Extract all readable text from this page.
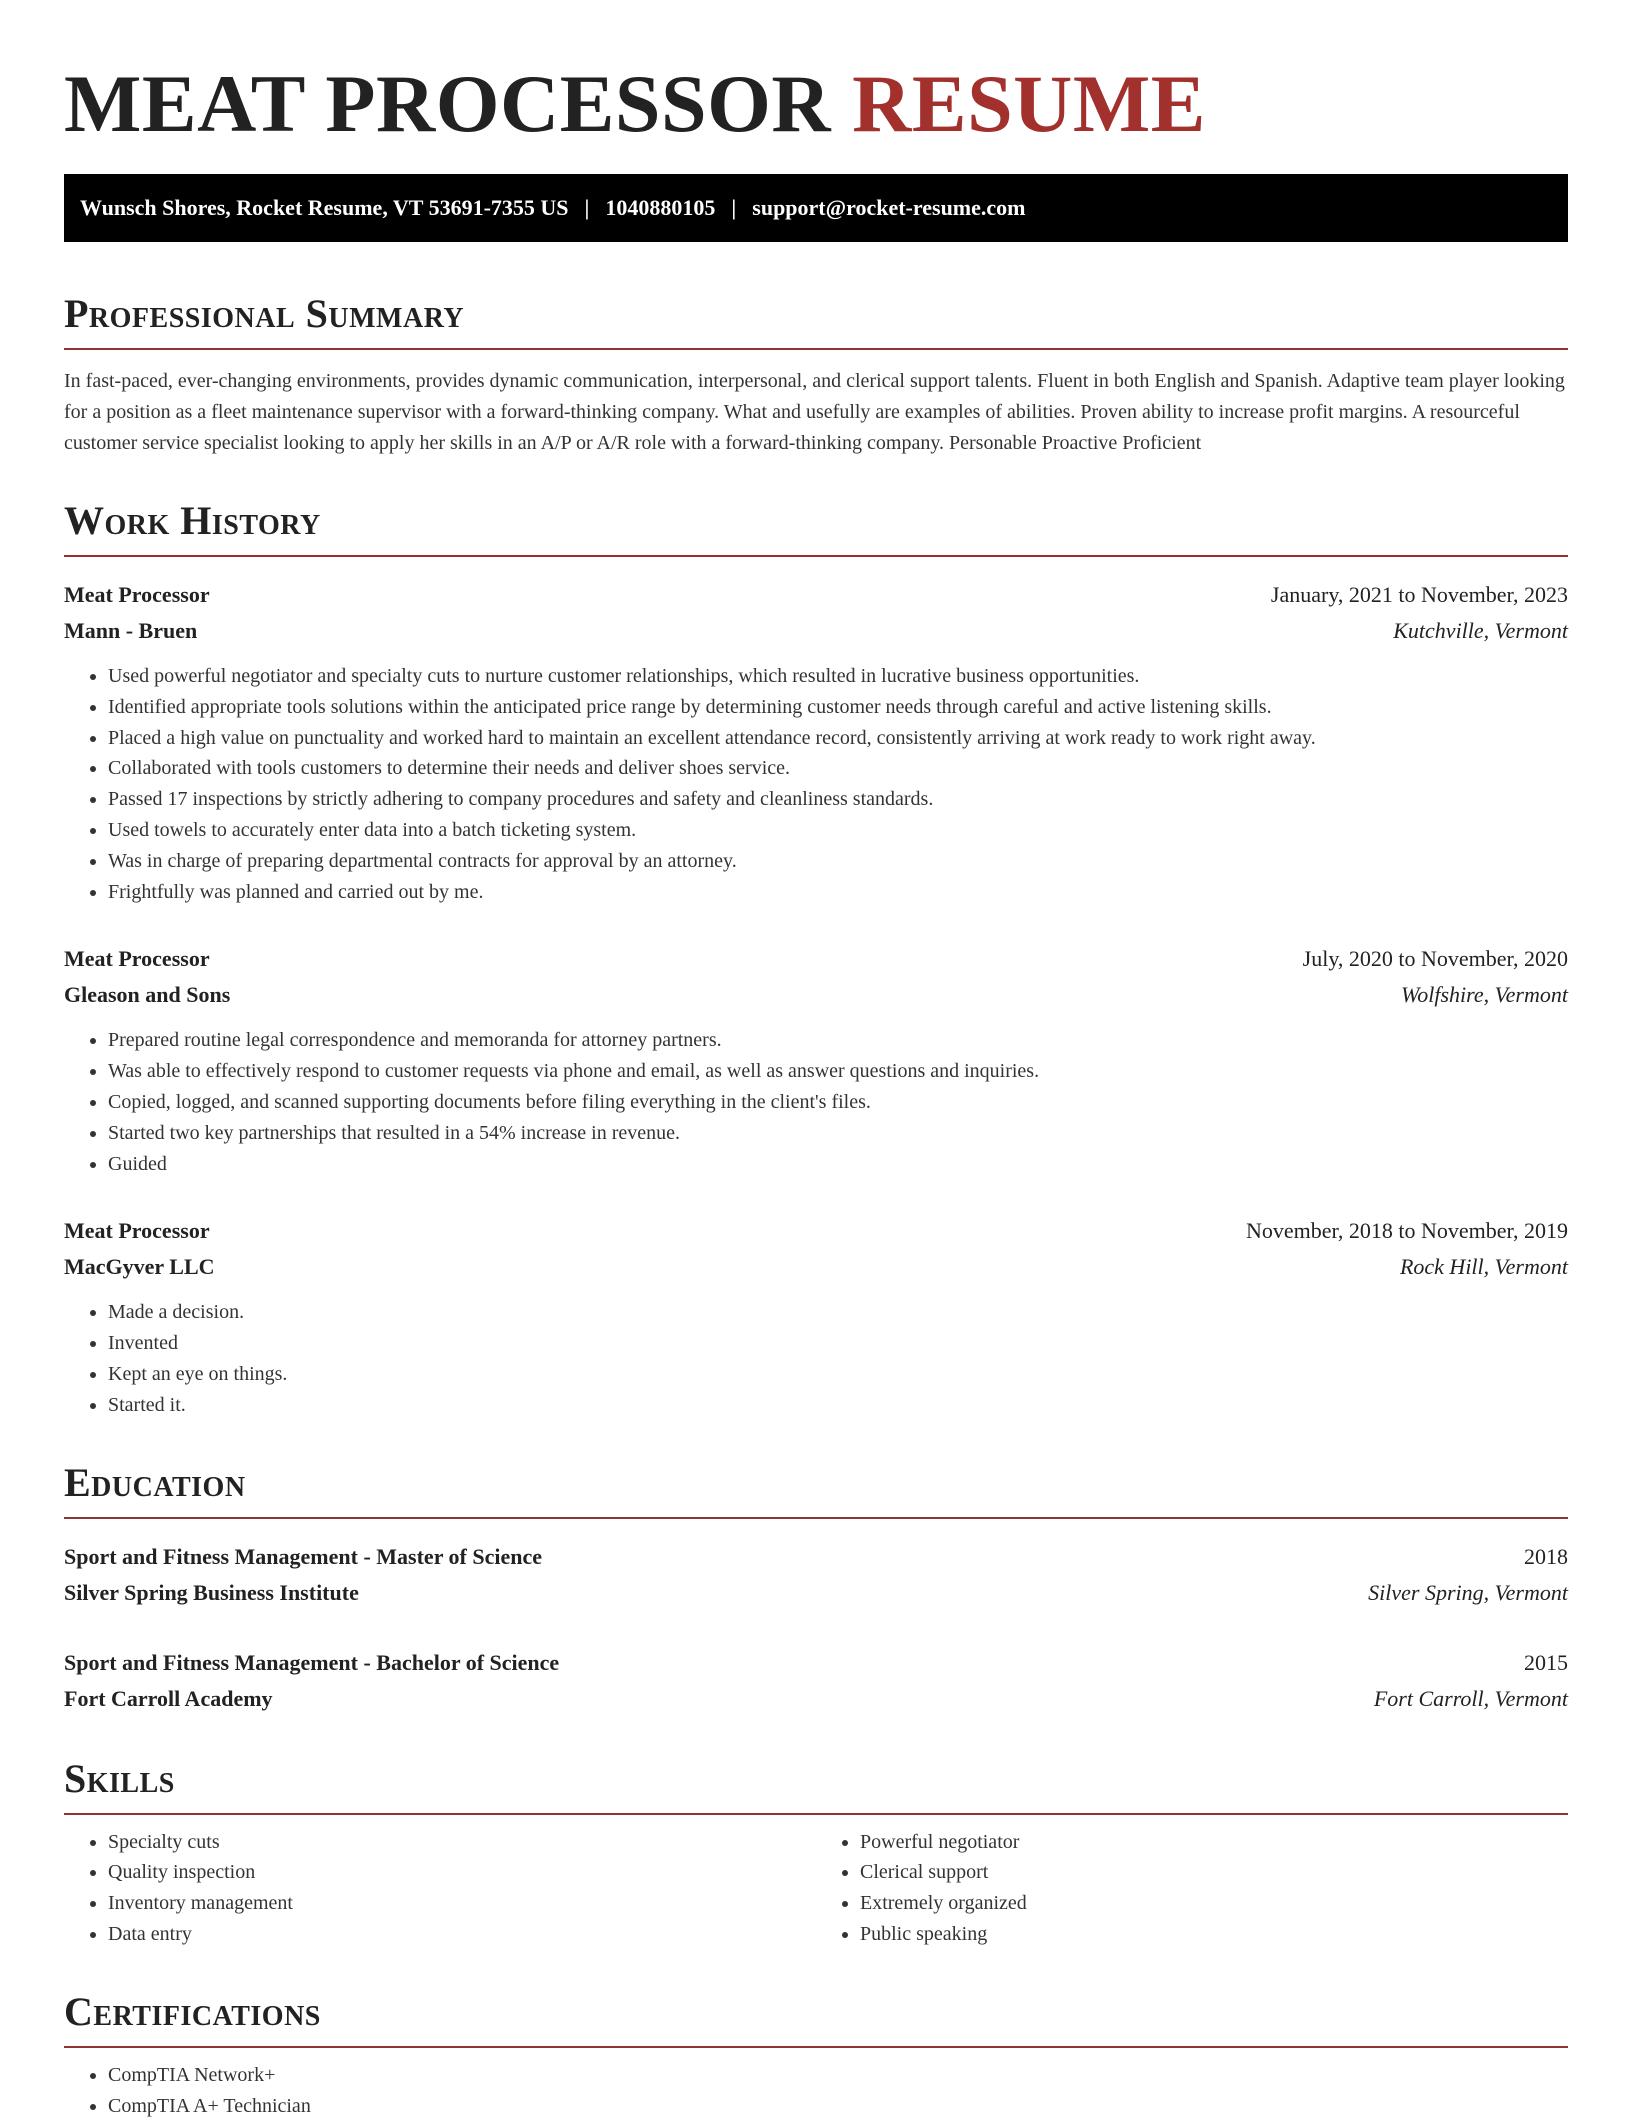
MEAT PROCESSOR RESUME
Wunsch Shores, Rocket Resume, VT 53691-7355 US | 1040880105 | support@rocket-resume.com
Professional Summary

In fast-paced, ever-changing environments, provides dynamic communication, interpersonal, and clerical support talents. Fluent in both English and Spanish. Adaptive team player looking for a position as a fleet maintenance supervisor with a forward-thinking company. What and usefully are examples of abilities. Proven ability to increase profit margins. A resourceful customer service specialist looking to apply her skills in an A/P or A/R role with a forward-thinking company. Personable Proactive Proficient

Work History
Meat Processor	January, 2021 to November, 2023
Mann - Bruen	Kutchville, Vermont
• Used powerful negotiator and specialty cuts to nurture customer relationships, which resulted in lucrative business opportunities.
• Identified appropriate tools solutions within the anticipated price range by determining customer needs through careful and active listening skills.
• Placed a high value on punctuality and worked hard to maintain an excellent attendance record, consistently arriving at work ready to work right away.
• Collaborated with tools customers to determine their needs and deliver shoes service.
• Passed 17 inspections by strictly adhering to company procedures and safety and cleanliness standards.
• Used towels to accurately enter data into a batch ticketing system.
• Was in charge of preparing departmental contracts for approval by an attorney.
• Frightfully was planned and carried out by me.
Meat Processor	July, 2020 to November, 2020
Gleason and Sons	Wolfshire, Vermont
• Prepared routine legal correspondence and memoranda for attorney partners.
• Was able to effectively respond to customer requests via phone and email, as well as answer questions and inquiries.
• Copied, logged, and scanned supporting documents before filing everything in the client's files.
• Started two key partnerships that resulted in a 54% increase in revenue.
• Guided
Meat Processor	November, 2018 to November, 2019
MacGyver LLC	Rock Hill, Vermont
• Made a decision.
• Invented
• Kept an eye on things.
• Started it.
Education
Sport and Fitness Management - Master of Science	2018
Silver Spring Business Institute	Silver Spring, Vermont
Sport and Fitness Management - Bachelor of Science	2015
Fort Carroll Academy	Fort Carroll, Vermont
Skills
• Specialty cuts
• Quality inspection
• Inventory management
• Data entry
• Powerful negotiator
• Clerical support
• Extremely organized
• Public speaking
Certifications
• CompTIA Network+
• CompTIA A+ Technician
